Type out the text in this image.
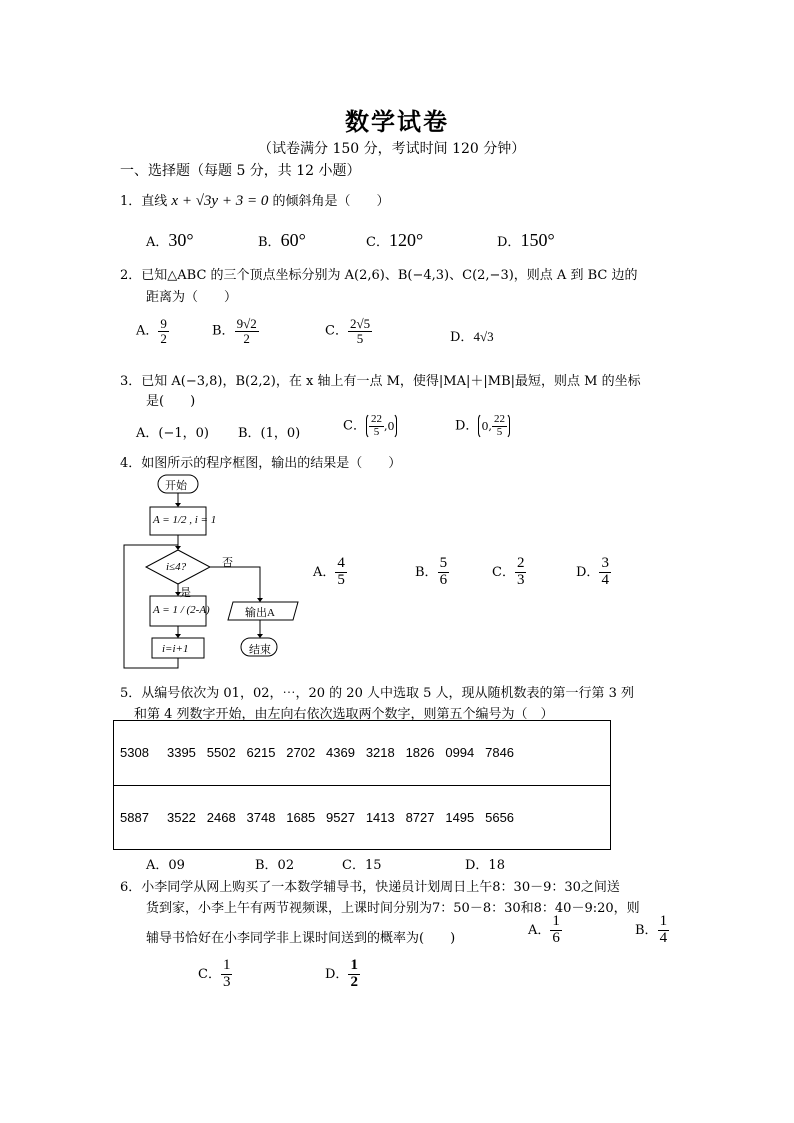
数学试卷
（试卷满分 150 分，考试时间 120 分钟）
一、选择题（每题 5 分，共 12 小题）
1．直线 x + √3y + 3 = 0 的倾斜角是（　　）
A．30°	B．60°	C．120°	D．150°
2．已知△ABC 的三个顶点坐标分别为 A(2,6)、B(−4,3)、C(2,−3)，则点 A 到 BC 边的
距离为（　　）
A． $\frac{9}{2}$	B． $\frac{9√2}{2}$	C． $\frac{2√5}{5}$	D．4√3
3．已知 A(−3,8)，B(2,2)，在 x 轴上有一点 M，使得|MA|＋|MB|最短，则点 M 的坐标
是(　　)
A．(−1，0) B．(1，0)	C． $\frac{22}{5} ,0$	D． 0, $\frac{22}{5}$
4．如图所示的程序框图，输出的结果是（　　）
开始
A = 1/2 , i = 1
i≤4?	否
是
A = 1 / (2-A)
i=i+1
输出A
结束
A． $\frac{4}{5}$	B． $\frac{5}{6}$	C． $\frac{2}{3}$	D． $\frac{3}{4}$
5．从编号依次为 01，02，⋯，20 的 20 人中选取 5 人，现从随机数表的第一行第 3 列
和第 4 列数字开始，由左向右依次选取两个数字，则第五个编号为（　）
5308 3395 5502 6215 2702 4369 3218 1826 0994 7846
5887 3522 2468 3748 1685 9527 1413 8727 1495 5656
A．09	B．02	C．15	D．18
6．小李同学从网上购买了一本数学辅导书，快递员计划周日上午8：30－9：30之间送
货到家，小李上午有两节视频课，上课时间分别为7：50－8：30和8：40－9:20，则
辅导书恰好在小李同学非上课时间送到的概率为(　　)
A． $\frac{1}{6}$	B． $\frac{1}{4}$
C． $\frac{1}{3}$	D． $\frac{1}{2}$
